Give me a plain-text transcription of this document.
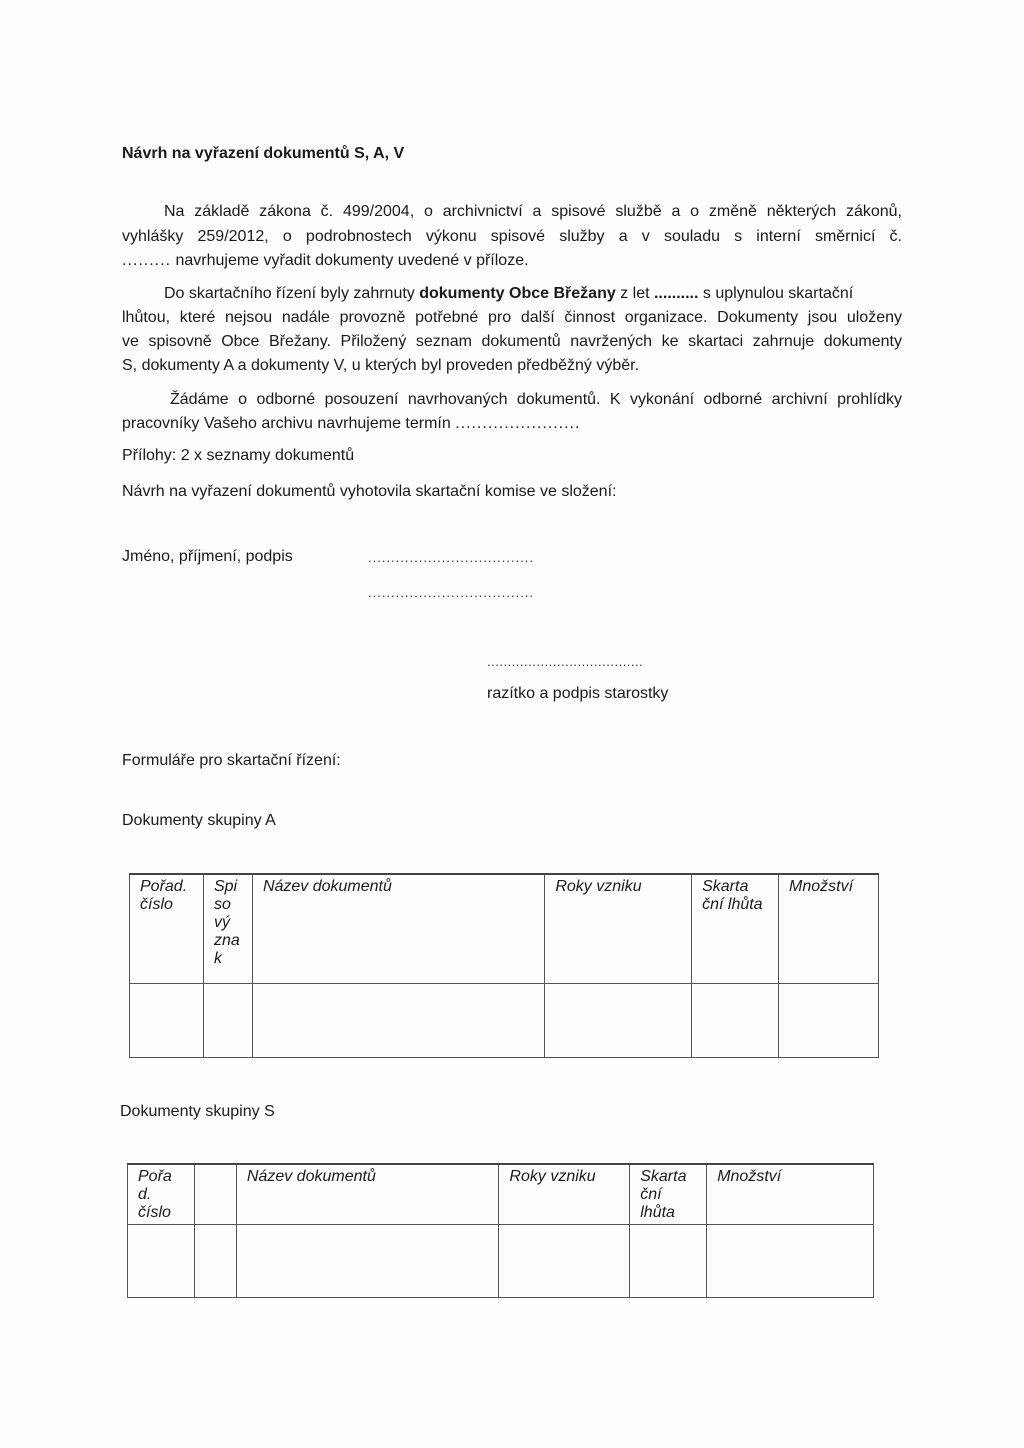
Návrh na vyřazení dokumentů S, A, V

Na základě zákona č. 499/2004, o archivnictví a spisové službě a o změně některých zákonů,

vyhlášky 259/2012, o podrobnostech výkonu spisové služby a v souladu s interní směrnicí č.

......... navrhujeme vyřadit dokumenty uvedené v příloze.

Do skartačního řízení byly zahrnuty dokumenty Obce Břežany z let .......... s uplynulou skartační

lhůtou, které nejsou nadále provozně potřebné pro další činnost organizace. Dokumenty jsou uloženy

ve spisovně Obce Břežany. Přiložený seznam dokumentů navržených ke skartaci zahrnuje dokumenty

S, dokumenty A a dokumenty V, u kterých byl proveden předběžný výběr.

Žádáme o odborné posouzení navrhovaných dokumentů. K vykonání odborné archivní prohlídky

pracovníky Vašeho archivu navrhujeme termín .......................

Přílohy: 2 x seznamy dokumentů

Návrh na vyřazení dokumentů vyhotovila skartační komise ve složení:

Jméno, příjmení, podpis	....................................
....................................
......................................

razítko a podpis starostky

Formuláře pro skartační řízení:

Dokumenty skupiny A

Pořad. číslo	Spi so vý zna k	Název dokumentů	Roky vzniku	Skarta ční lhůta	Množství

Dokumenty skupiny S

Pořa d. číslo		Název dokumentů	Roky vzniku	Skarta ční lhůta	Množství
